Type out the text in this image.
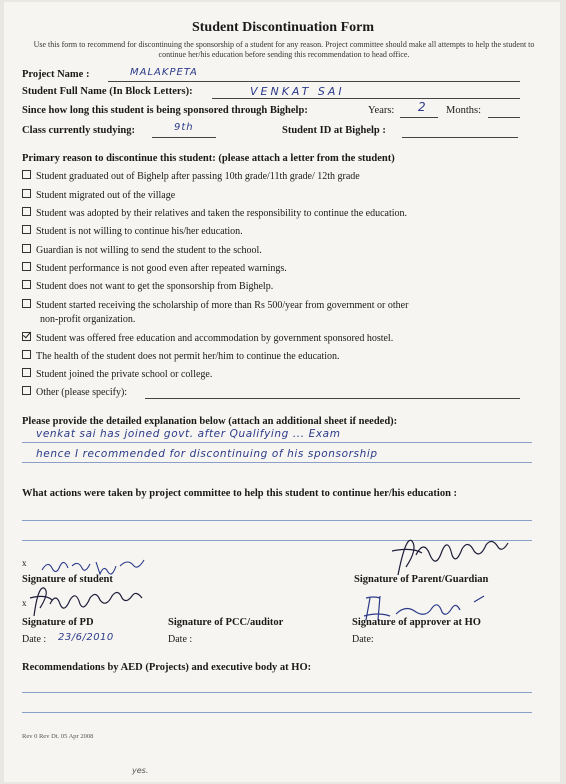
Student Discontinuation Form
Use this form to recommend for discontinuing the sponsorship of a student for any reason. Project committee should make all attempts to help the student to continue her/his education before sending this recommendation to head office.
Project Name :	MALAKPETA
Student Full Name (In Block Letters):	VENKAT SAI
Since how long this student is being sponsored through Bighelp:	Years: 2 Months:
Class currently studying:	9th	Student ID at Bighelp :
Primary reason to discontinue this student: (please attach a letter from the student)
Student graduated out of Bighelp after passing 10th grade/11th grade/ 12th grade
Student migrated out of the village
Student was adopted by their relatives and taken the responsibility to continue the education.
Student is not willing to continue his/her education.
Guardian is not willing to send the student to the school.
Student performance is not good even after repeated warnings.
Student does not want to get the sponsorship from Bighelp.
Student started receiving the scholarship of more than Rs 500/year from government or other
non-profit organization.
Student was offered free education and accommodation by government sponsored hostel.
The health of the student does not permit her/him to continue the education.
Student joined the private school or college.
Other (please specify):
Please provide the detailed explanation below (attach an additional sheet if needed):
venkat sai has joined govt. after Qualifying ... Exam
hence I recommended for discontinuing of his sponsorship
What actions were taken by project committee to help this student to continue her/his education :
x
Signature of student	Signature of Parent/Guardian
x
Signature of PD
Date : 23/6/2010
Signature of PCC/auditor
Date :
Signature of approver at HO
Date:
Recommendations by AED (Projects) and executive body at HO:
Rev 0 Rev Dt. 05 Apr 2008
yes.
